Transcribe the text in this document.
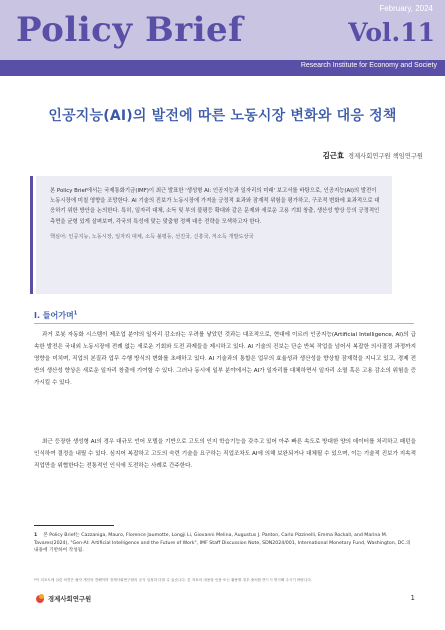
Policy Brief
February, 2024
Vol.11
Research Institute for Economy and Society
인공지능(AI)의 발전에 따른 노동시장 변화와 대응 정책
김근효 경제사회연구원 책임연구원
본 Policy Brief에서는 국제통화기금(IMF)이 최근 발표한 '생성형 AI: 인공지능과 일자리의 미래' 보고서를 바탕으로, 인공지능(AI)의 발전이 노동시장에 미칠 영향을 조망한다. AI 기술의 진보가 노동시장에 가져올 긍정적 효과와 잠재적 위험을 평가하고, 구조적 변화에 효과적으로 대응하기 위한 방안을 논의한다. 특히, 일자리 대체, 소득 및 부의 불평등 확대와 같은 문제와 새로운 고용 기회 창출, 생산성 향상 등의 긍정적인 측면을 균형 있게 살펴보며, 각국의 특성에 맞는 맞춤형 정책 대응 전략을 모색하고자 한다.
핵심어: 인공지능, 노동시장, 일자리 대체, 소득 불평등, 선진국, 신흥국, 저소득 개발도상국
I. 들어가며$^1$
과거 로봇 자동화 시스템이 제조업 분야의 일자리 감소라는 우려를 낳았던 것과는 대조적으로, 현대에 이르러 인공지능(Artificial Intelligence, AI)의 급속한 발전은 국내외 노동시장에 전례 없는 새로운 기회와 도전 과제들을 제시하고 있다. AI 기술의 진보는 단순 반복 작업을 넘어서 복잡한 의사결정 과정까지 영향을 미치며, 직업의 본질과 업무 수행 방식의 변화를 초래하고 있다. AI 기술과의 통합은 업무의 효율성과 생산성을 향상할 잠재력을 지니고 있고, 경제 전반의 생산성 향상은 새로운 일자리 창출에 기여할 수 있다. 그러나 동시에 일부 분야에서는 AI가 일자리를 대체하면서 일자리 소멸 혹은 고용 감소의 위험을 증가시킬 수 있다.
최근 등장한 생성형 AI의 경우 대규모 언어 모델을 기반으로 고도의 인지 학습기능을 갖추고 있어 아주 빠른 속도로 방대한 양의 데이터를 처리하고 패턴을 인식하여 결정을 내릴 수 있다. 심지어 복잡하고 고도의 숙련 기술을 요구하는 직업조차도 AI에 의해 보완되거나 대체될 수 있으며, 이는 기술적 진보가 지속적 직업만을 위협한다는 전통적인 인식에 도전하는 사례로 간주한다.
1 본 Policy Brief는 Cazzaniga, Mauro, Florence Jaumotte, Longji Li, Giovanni Melina, Augustus J. Panton, Carlo Pizzinelli, Emma Rockall, and Marina M. Tavares(2024), "Gen-AI: Artificial Intelligence and the Future of Work", IMF Staff Discussion Note, SDN2024/001, International Monetary Fund, Washington, DC.의 내용에 기반하여 작성됨.
*이 리포트에 실린 의견은 필자 개인의 견해이며 경제사회연구원의 공식 입장과 다를 수 있습니다. 본 자료의 내용을 인용 또는 활용할 경우 출처를 반드시 명시해 주시기 바랍니다.
경제사회연구원	1
